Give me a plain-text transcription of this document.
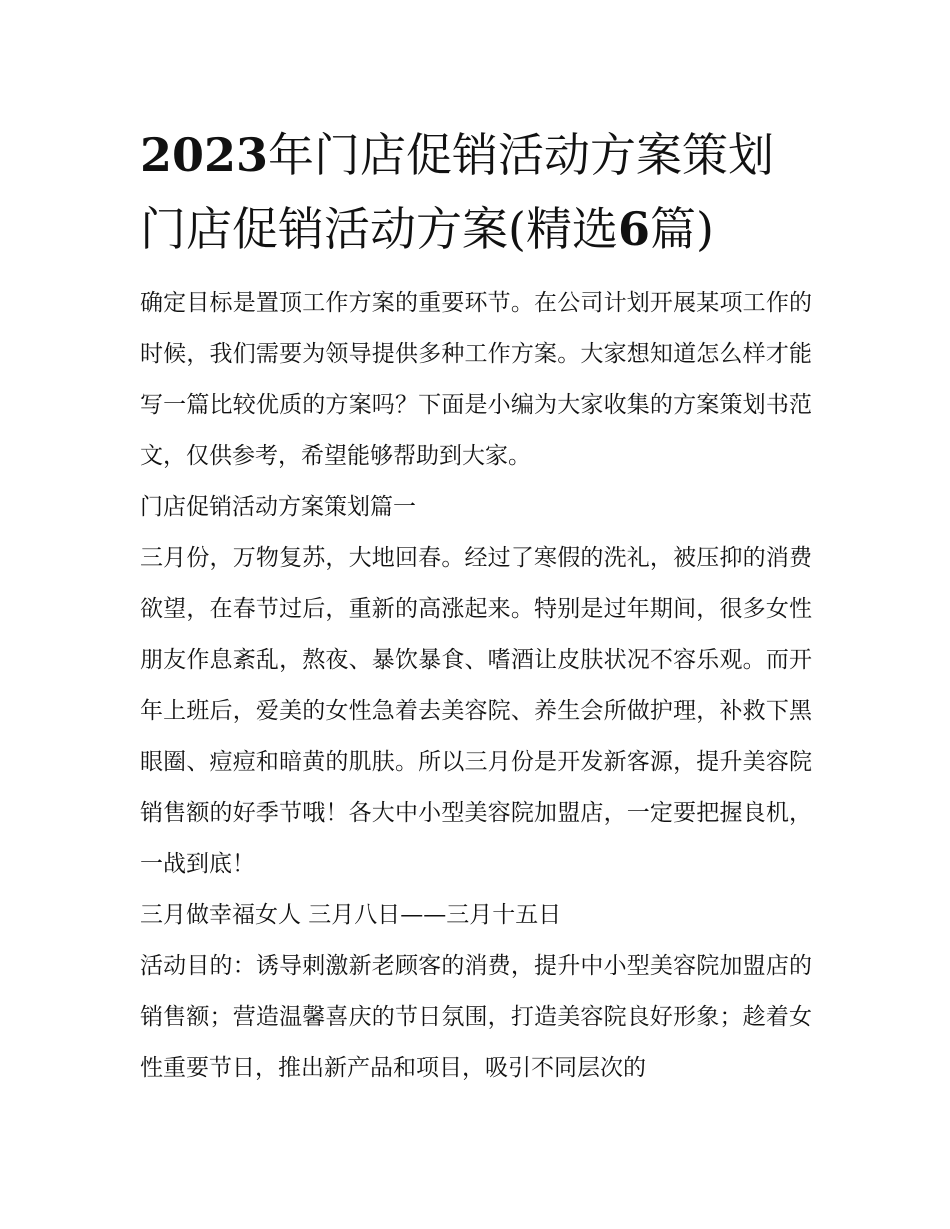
2023年门店促销活动方案策划
门店促销活动方案(精选6篇)

确定目标是置顶工作方案的重要环节。在公司计划开展某项工作的时候，我们需要为领导提供多种工作方案。大家想知道怎么样才能写一篇比较优质的方案吗？下面是小编为大家收集的方案策划书范文，仅供参考，希望能够帮助到大家。

门店促销活动方案策划篇一

三月份，万物复苏，大地回春。经过了寒假的洗礼，被压抑的消费欲望，在春节过后，重新的高涨起来。特别是过年期间，很多女性朋友作息紊乱，熬夜、暴饮暴食、嗜酒让皮肤状况不容乐观。而开年上班后，爱美的女性急着去美容院、养生会所做护理，补救下黑眼圈、痘痘和暗黄的肌肤。所以三月份是开发新客源，提升美容院销售额的好季节哦！各大中小型美容院加盟店，一定要把握良机，一战到底！

三月做幸福女人 三月八日——三月十五日

活动目的：诱导刺激新老顾客的消费，提升中小型美容院加盟店的销售额；营造温馨喜庆的节日氛围，打造美容院良好形象；趁着女性重要节日，推出新产品和项目，吸引不同层次的
